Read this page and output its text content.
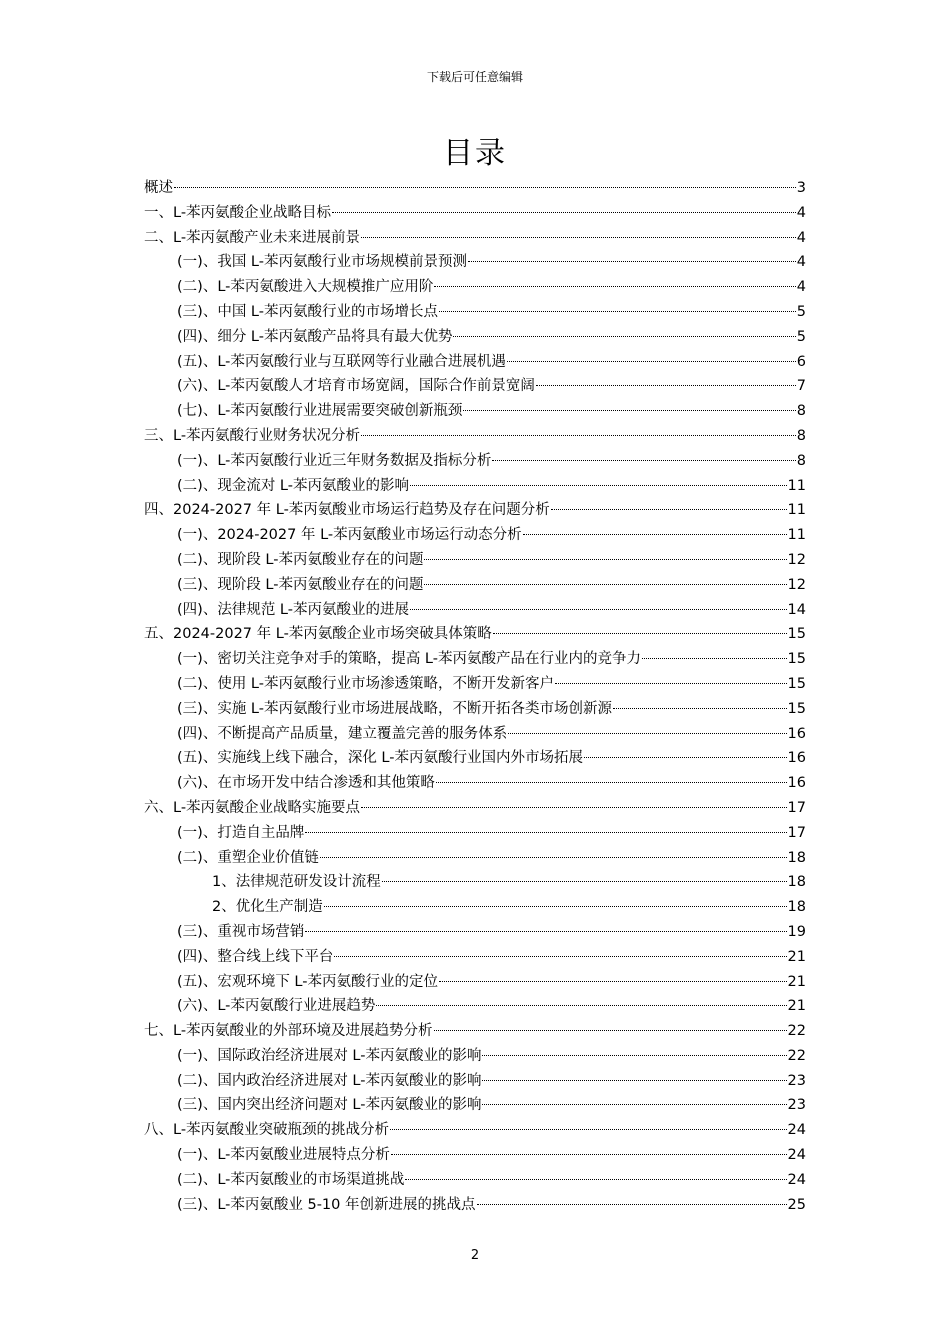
下载后可任意编辑
目录
概述	3
一、L-苯丙氨酸企业战略目标	4
二、L-苯丙氨酸产业未来进展前景	4
(一)、我国 L-苯丙氨酸行业市场规模前景预测	4
(二)、L-苯丙氨酸进入大规模推广应用阶	4
(三)、中国 L-苯丙氨酸行业的市场增长点	5
(四)、细分 L-苯丙氨酸产品将具有最大优势	5
(五)、L-苯丙氨酸行业与互联网等行业融合进展机遇	6
(六)、L-苯丙氨酸人才培育市场宽阔，国际合作前景宽阔	7
(七)、L-苯丙氨酸行业进展需要突破创新瓶颈	8
三、L-苯丙氨酸行业财务状况分析	8
(一)、L-苯丙氨酸行业近三年财务数据及指标分析	8
(二)、现金流对 L-苯丙氨酸业的影响	11
四、2024-2027 年 L-苯丙氨酸业市场运行趋势及存在问题分析	11
(一)、2024-2027 年 L-苯丙氨酸业市场运行动态分析	11
(二)、现阶段 L-苯丙氨酸业存在的问题	12
(三)、现阶段 L-苯丙氨酸业存在的问题	12
(四)、法律规范 L-苯丙氨酸业的进展	14
五、2024-2027 年 L-苯丙氨酸企业市场突破具体策略	15
(一)、密切关注竞争对手的策略，提高 L-苯丙氨酸产品在行业内的竞争力	15
(二)、使用 L-苯丙氨酸行业市场渗透策略，不断开发新客户	15
(三)、实施 L-苯丙氨酸行业市场进展战略，不断开拓各类市场创新源	15
(四)、不断提高产品质量，建立覆盖完善的服务体系	16
(五)、实施线上线下融合，深化 L-苯丙氨酸行业国内外市场拓展	16
(六)、在市场开发中结合渗透和其他策略	16
六、L-苯丙氨酸企业战略实施要点	17
(一)、打造自主品牌	17
(二)、重塑企业价值链	18
1、法律规范研发设计流程	18
2、优化生产制造	18
(三)、重视市场营销	19
(四)、整合线上线下平台	21
(五)、宏观环境下 L-苯丙氨酸行业的定位	21
(六)、L-苯丙氨酸行业进展趋势	21
七、L-苯丙氨酸业的外部环境及进展趋势分析	22
(一)、国际政治经济进展对 L-苯丙氨酸业的影响	22
(二)、国内政治经济进展对 L-苯丙氨酸业的影响	23
(三)、国内突出经济问题对 L-苯丙氨酸业的影响	23
八、L-苯丙氨酸业突破瓶颈的挑战分析	24
(一)、L-苯丙氨酸业进展特点分析	24
(二)、L-苯丙氨酸业的市场渠道挑战	24
(三)、L-苯丙氨酸业 5-10 年创新进展的挑战点	25
2
